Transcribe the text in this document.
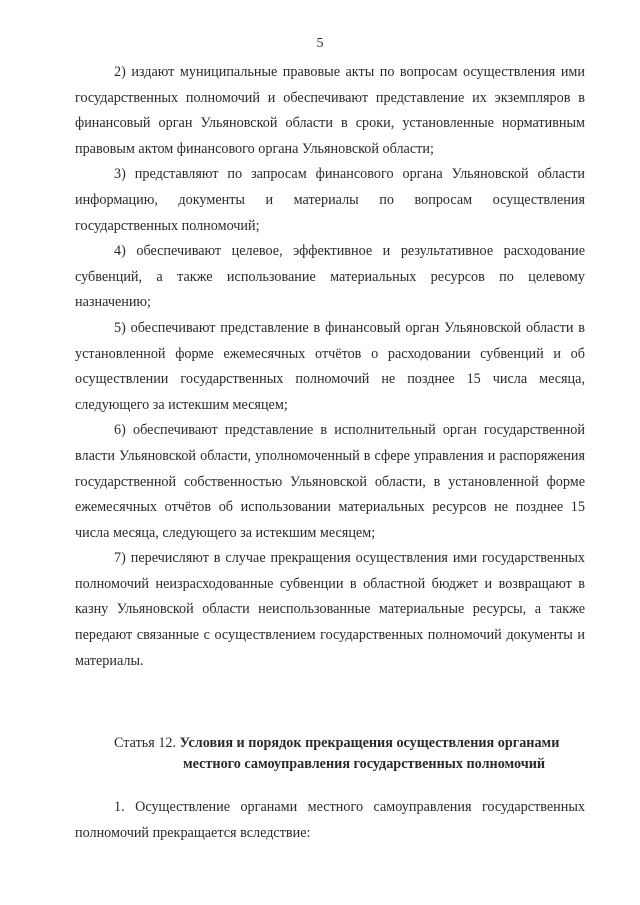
5

2) издают муниципальные правовые акты по вопросам осуществления ими государственных полномочий и обеспечивают представление их экземпляров в финансовый орган Ульяновской области в сроки, установленные нормативным правовым актом финансового органа Ульяновской области;

3) представляют по запросам финансового органа Ульяновской области информацию, документы и материалы по вопросам осуществления государственных полномочий;

4) обеспечивают целевое, эффективное и результативное расходование субвенций, а также использование материальных ресурсов по целевому назначению;

5) обеспечивают представление в финансовый орган Ульяновской области в установленной форме ежемесячных отчётов о расходовании субвенций и об осуществлении государственных полномочий не позднее 15 числа месяца, следующего за истекшим месяцем;

6) обеспечивают представление в исполнительный орган государственной власти Ульяновской области, уполномоченный в сфере управления и распоряжения государственной собственностью Ульяновской области, в установленной форме ежемесячных отчётов об использовании материальных ресурсов не позднее 15 числа месяца, следующего за истекшим месяцем;

7) перечисляют в случае прекращения осуществления ими государственных полномочий неизрасходованные субвенции в областной бюджет и возвращают в казну Ульяновской области неиспользованные материальные ресурсы, а также передают связанные с осуществлением государственных полномочий документы и материалы.

Статья 12. Условия и порядок прекращения осуществления органами
местного самоуправления государственных полномочий

1. Осуществление органами местного самоуправления государственных полномочий прекращается вследствие:
